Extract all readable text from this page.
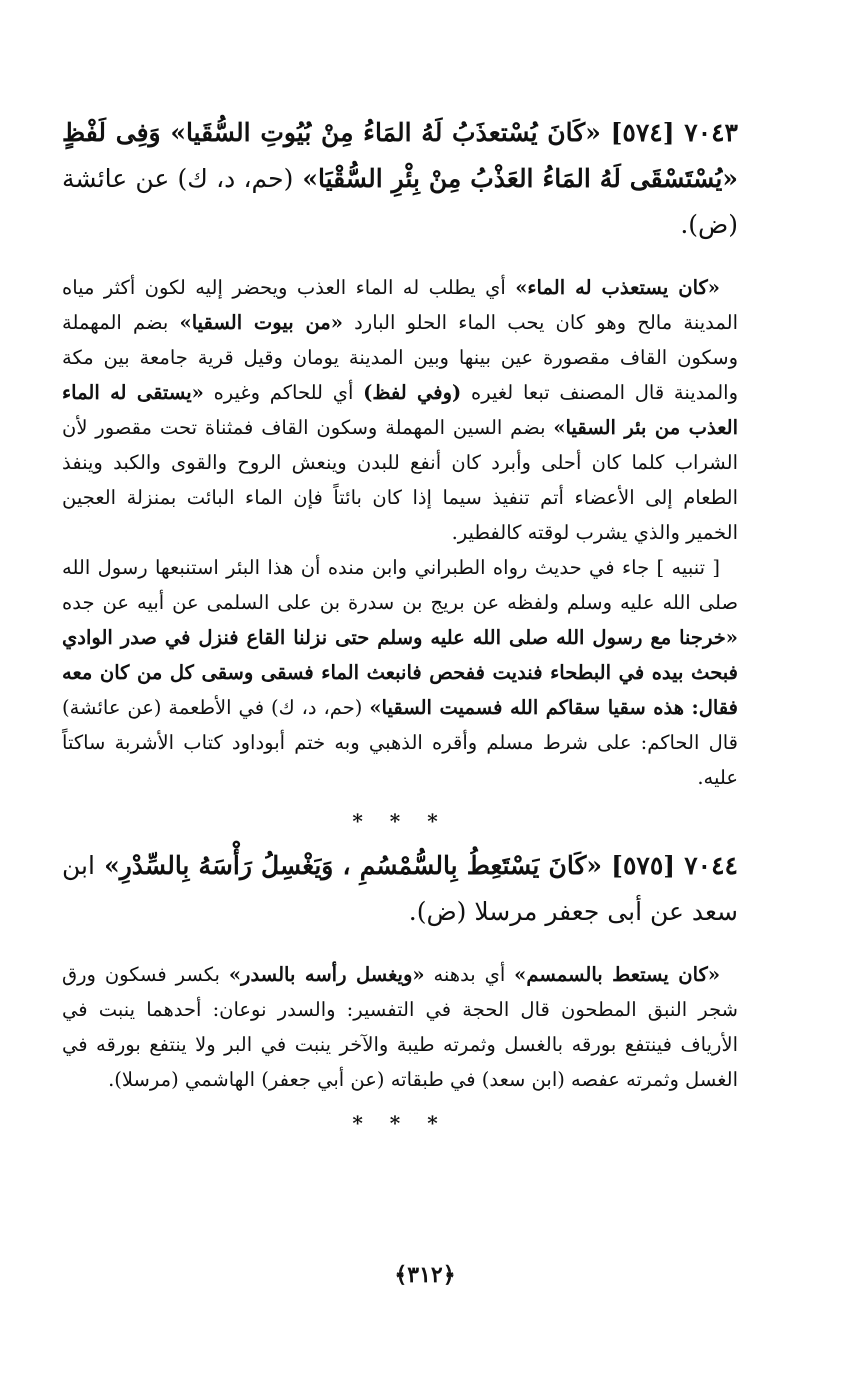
٧٠٤٣ [٥٧٤] «كَانَ يُسْتعذَبُ لَهُ المَاءُ مِنْ بُيُوتِ السُّقَيا» وَفِى لَفْظٍ «يُسْتَسْقَى لَهُ المَاءُ العَذْبُ مِنْ بِئْرِ السُّقْيَا» (حم، د، ك) عن عائشة (ض).

«كان يستعذب له الماء» أي يطلب له الماء العذب ويحضر إليه لكون أكثر مياه المدينة مالح وهو كان يحب الماء الحلو البارد «من بيوت السقيا» بضم المهملة وسكون القاف مقصورة عين بينها وبين المدينة يومان وقيل قرية جامعة بين مكة والمدينة قال المصنف تبعا لغيره (وفي لفظ) أي للحاكم وغيره «يستقى له الماء العذب من بئر السقيا» بضم السين المهملة وسكون القاف فمثناة تحت مقصور لأن الشراب كلما كان أحلى وأبرد كان أنفع للبدن وينعش الروح والقوى والكبد وينفذ الطعام إلى الأعضاء أتم تنفيذ سيما إذا كان بائتاً فإن الماء البائت بمنزلة العجين الخمير والذي يشرب لوقته كالفطير.

[ تنبيه ] جاء في حديث رواه الطبراني وابن منده أن هذا البئر استنبعها رسول الله صلى الله عليه وسلم ولفظه عن بريج بن سدرة بن على السلمى عن أبيه عن جده «خرجنا مع رسول الله صلى الله عليه وسلم حتى نزلنا القاع فنزل في صدر الوادي فبحث بيده في البطحاء فنديت ففحص فانبعث الماء فسقى وسقى كل من كان معه فقال: هذه سقيا سقاكم الله فسميت السقيا» (حم، د، ك) في الأطعمة (عن عائشة) قال الحاكم: على شرط مسلم وأقره الذهبي وبه ختم أبوداود كتاب الأشربة ساكتاً عليه.

* * *

٧٠٤٤ [٥٧٥] «كَانَ يَسْتَعِطُ بِالسُّمْسُمِ ، وَيَغْسِلُ رَأْسَهُ بِالسِّدْرِ» ابن سعد عن أبى جعفر مرسلا (ض).

«كان يستعط بالسمسم» أي بدهنه «ويغسل رأسه بالسدر» بكسر فسكون ورق شجر النبق المطحون قال الحجة في التفسير: والسدر نوعان: أحدهما ينبت في الأرياف فينتفع بورقه بالغسل وثمرته طيبة والآخر ينبت في البر ولا ينتفع بورقه في الغسل وثمرته عفصه (ابن سعد) في طبقاته (عن أبي جعفر) الهاشمي (مرسلا).

* * *
﴿٣١٢﴾
